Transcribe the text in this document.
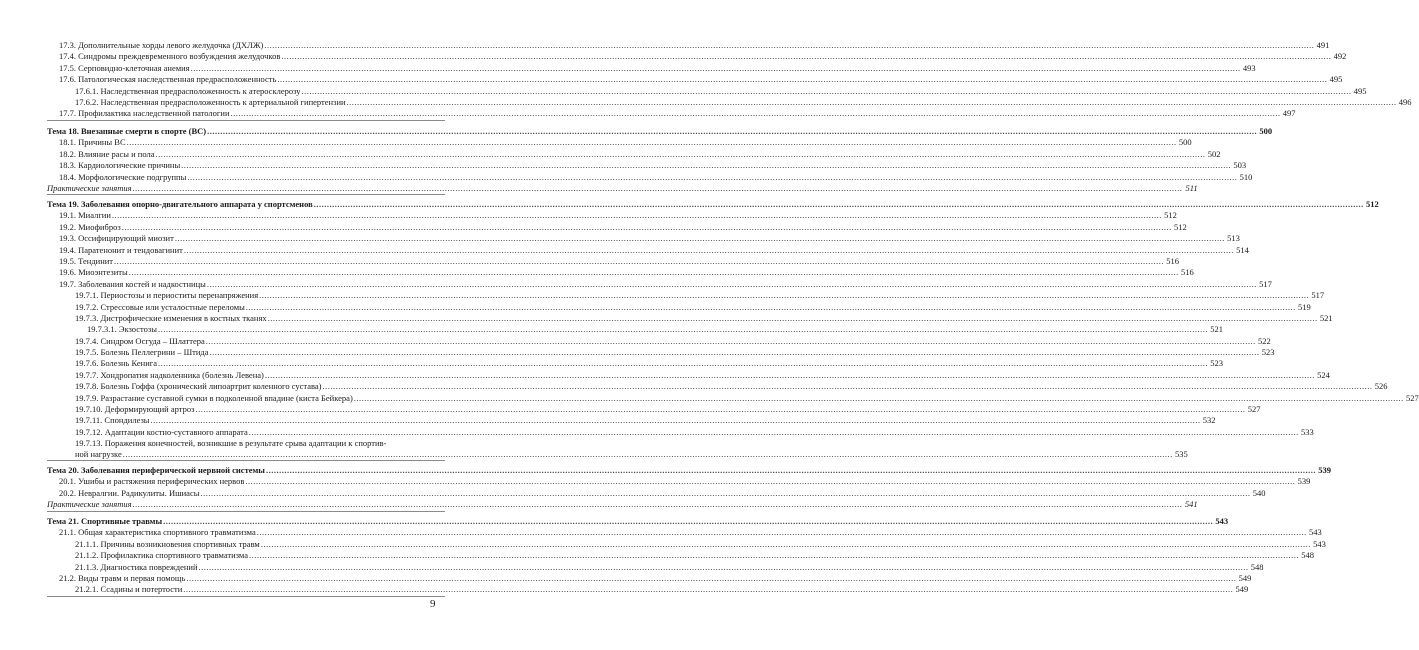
17.3. Дополнительные хорды левого желудочка (ДХЛЖ) .....	491
17.4. Синдромы преждевременного возбуждения желудочков .....	492
17.5. Серповидно-клеточная анемия .....	493
17.6. Патологическая наследственная предрасположенность .....	495
17.6.1. Наследственная предрасположенность к атеросклерозу .....	495
17.6.2. Наследственная предрасположенность к артериальной гипертензии .....	496
17.7. Профилактика наследственной патологии .....	497
Тема 18. Внезапные смерти в спорте (ВС) .....	500
18.1. Причины ВС .....	500
18.2. Влияние расы и пола .....	502
18.3. Кардиологические причины .....	503
18.4. Морфологические подгруппы .....	510
Практические занятия .....	511
Тема 19. Заболевания опорно-двигательного аппарата у спортсменов .....	512
19.1. Миалгии .....	512
19.2. Миофиброз .....	512
19.3. Оссифицирующий миозит .....	513
19.4. Паратенонит и тендовагинит .....	514
19.5. Тендинит .....	516
19.6. Миоэнтезиты .....	516
19.7. Заболевания костей и надкостницы .....	517
19.7.1. Периостозы и периоститы перенапряжения .....	517
19.7.2. Стрессовые или усталостные переломы .....	519
19.7.3. Дистрофические изменения в костных тканях .....	521
19.7.3.1. Экзостозы .....	521
19.7.4. Синдром Осгуда – Шлаттера .....	522
19.7.5. Болезнь Пеллегрини – Штида .....	523
19.7.6. Болезнь Кенига .....	523
19.7.7. Хондропатия надколенника (болезнь Левена) .....	524
19.7.8. Болезнь Гоффа (хронический липоартрит коленного сустава) .....	526
19.7.9. Разрастание суставной сумки в подколенной впадине (киста Бейкера) .....	527
19.7.10. Деформирующий артроз .....	527
19.7.11. Спондилезы .....	532
19.7.12. Адаптации костно-суставного аппарата .....	533
19.7.13. Поражения конечностей, возникшие в результате срыва адаптации к спортив-
ной нагрузке .....	535
Тема 20. Заболевания периферической нервной системы .....	539
20.1. Ушибы и растяжения периферических нервов .....	539
20.2. Невралгии. Радикулиты. Ишиасы .....	540
Практические занятия .....	541
Тема 21. Спортивные травмы .....	543
21.1. Общая характеристика спортивного травматизма .....	543
21.1.1. Причины возникновения спортивных травм .....	543
21.1.2. Профилактика спортивного травматизма .....	548
21.1.3. Диагностика повреждений .....	548
21.2. Виды травм и первая помощь .....	549
21.2.1. Ссадины и потертости .....	549
9
